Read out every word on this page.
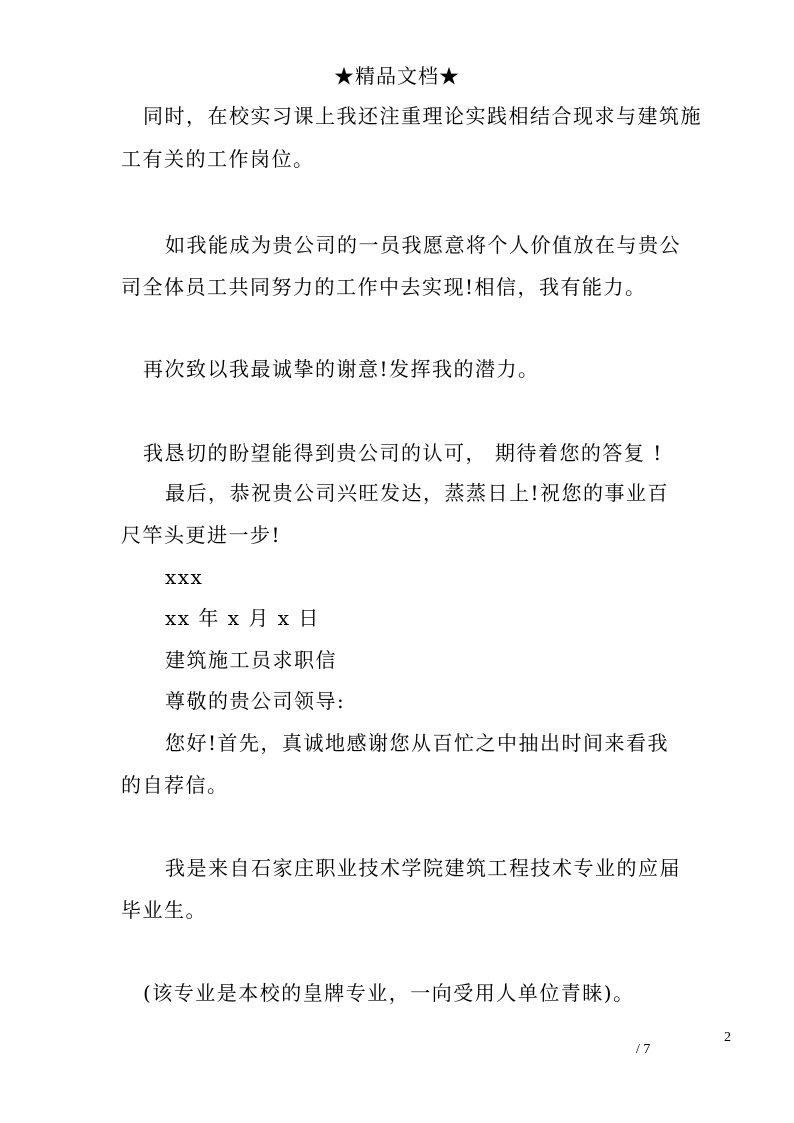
★精品文档★
同时，在校实习课上我还注重理论实践相结合现求与建筑施
工有关的工作岗位。
如我能成为贵公司的一员我愿意将个人价值放在与贵公
司全体员工共同努力的工作中去实现!相信，我有能力。
再次致以我最诚挚的谢意!发挥我的潜力。
我恳切的盼望能得到贵公司的认可， 期待着您的答复 !
最后，恭祝贵公司兴旺发达，蒸蒸日上!祝您的事业百
尺竿头更进一步!
xxx
xx 年 x 月 x 日
建筑施工员求职信
尊敬的贵公司领导:
您好!首先，真诚地感谢您从百忙之中抽出时间来看我
的自荐信。
我是来自石家庄职业技术学院建筑工程技术专业的应届
毕业生。
(该专业是本校的皇牌专业，一向受用人单位青睐)。
2
/ 7
